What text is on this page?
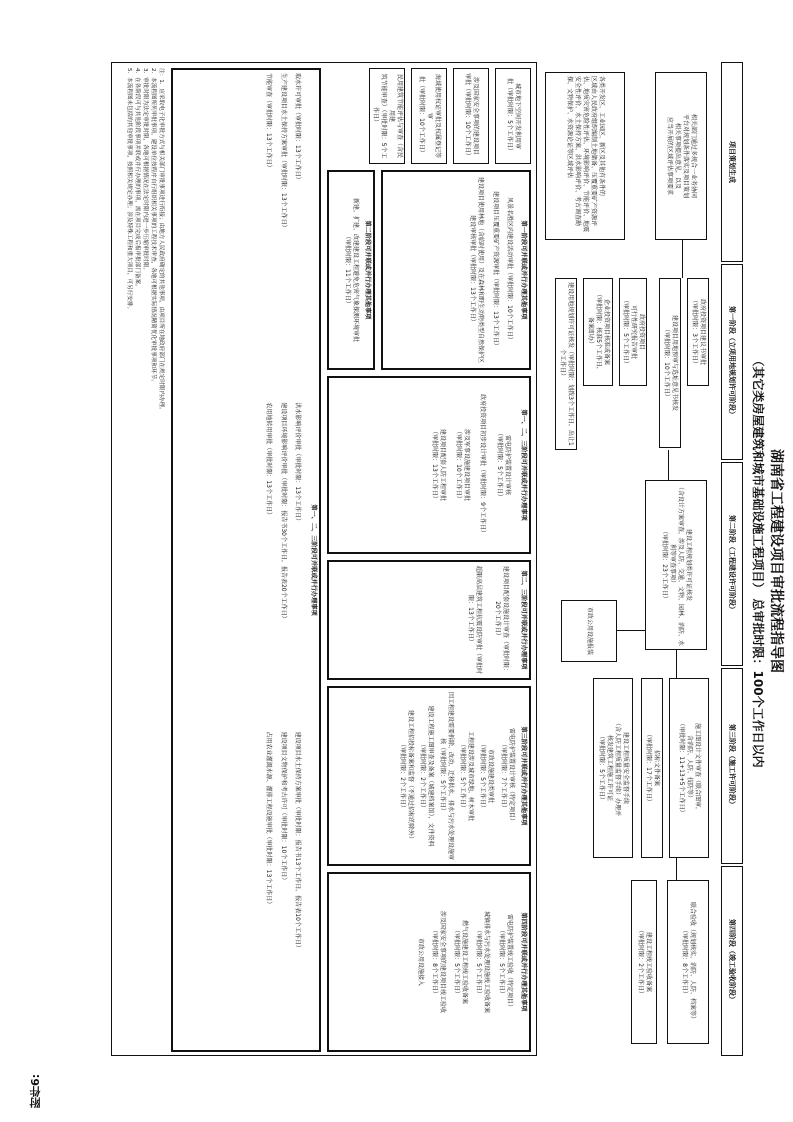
附件6:
湖南省工程建设项目审批流程指导图
（其它类房屋建筑和城市基础设施工程项目） 总审批时限：100个工作日以内
项目策划生成
第一阶段（立项用地规划许可阶段）
第二阶段（工程建设许可阶段）
第三阶段（施工许可阶段）
第四阶段（竣工验收阶段）
相关部门通过多规合一业务协同
平台对规划条件落实及项目策划
相关事项提出意见，以及
应当开展的区域评估事项要求
各类开发区、工业园区、新区及其他有条件的
区域由人民政府组织编制土地储备、压覆重要矿产资源评估、地质灾害危险性评估、环境影响评价、节能评价、地震安全性评价、水土保持方案、洪水影响评价、考古调查勘探、文物保护、水资源论证等区域评估
政府投资项目建议书审批
（审批时限：3个工作日）
建设项目用地预审与选址意见书核发
（审批时限：10个工作日）
政府投资项目
可行性研究报告审批
（审批时限：5个工作日）
企业投资项目核准或备案
（审批时限：核准5个工作日，
备案即办）
建设用地规划许可证核发（审批时限：划拨3个工作日，出让1个工作日）
建设工程规划类许可证核发
（含设计方案审查，涉及人防、交通、文物、园林、消防、水利等审查事项）
（审批时限：23个工作日）
市政公用设施报装
施工图设计文件审查（联合图审，
含消防、人防、技防等）
（审批时限：11+13+5个工作日）
招标文件备案
（审批时限：17个工作日）
建设工程质量安全监督手续
（含人防工程质量监督手续）办理并
核发建筑工程施工许可证
（审批时限：5个工作日）
联合验收（规划核实、消防、人防、档案等）
（审批时限：8个工作日）
建设工程竣工验收备案
（审批时限：2个工作日）
城市地下空间开发利用审
批（审批时限：5个工作日）
涉及国家安全事项的建设项目
审批（审批时限：10个工作日）
海域使用权证审批及权属登记等审
批（审批时限：10个工作日）
民用建筑节能评估与审查（含民用建
筑节能审查）（审批时限：5个工作日）
第一阶段可并联或并行办理其他事项
风景名胜区内建设活动审批（审批时限：10个工作日）
建设项目压覆重要矿产资源审批（审批时限：13个工作日）
建设项目使用林地（含临时使用）及在森林和野生动物类型自然保护区建设审核审批（审批时限：13个工作日）
第二阶段可并联或并行办理其他事项
新建、扩建、改建建设工程避免危害气象探测环境审批
（审批时限：11个工作日）
第一、二、三阶段可并联或并行办理事项
雷电防护装置设计审核
（审批时限：5个工作日）
政府投资项目初步设计审批（审批时限：9个工作日）
涉及军事设施建设项目审批
（审批时限：10个工作日）
建设项目配套人防工程审批
（审批时限：13个工作日）
第二、三阶段可并联或并行办理事项
建设项目配套设施设计审查（审批时限：20个工作日）
超限高层建筑工程抗震设防审批（审批时限：13个工作日）
第三阶段可并联或并行办理其他事项
雷电防护装置设计审核（特定项目）
（审批时限：7个工作日）
市政设施建设类审批
（审批时限：5个工作日）
工程建设涉及城市绿地、树木审批
（审批时限：5个工作日）
因工程建设需要拆除、改动、迁移供水、排水与污水处理设施审核（审批时限：5个工作日）
建设工程施工图审查及备案（城建档案馆），文件资料
（审批时限：2个工作日）
建设工程招投标备案和监督（不通过招标的除外）
（审批时限：2个工作日）
第四阶段可并联或并行办理其他事项
雷电防护装置竣工验收（特定项目）
（审批时限：5个工作日）
城镇排水与污水处理设施竣工验收备案
（审批时限：5个工作日）
燃气设施建设工程竣工验收备案
（审批时限：5个工作日）
涉及国家安全事项的建设项目竣工验收
（审批时限：8个工作日）
市政公用设施接入
第一、二、三阶段可并联或并行办理事项
取水许可审批（审批时限：13个工作日）
洪水影响评价审批（审批时限：13个工作日）
建设项目水土保持方案审批（审批时限：报告书13个工作日，报告表10个工作日）
生产建设项目水土保持方案审批（审批时限：13个工作日）
建设项目环境影响评价审批（审批时限：报告书30个工作日，报告表20个工作日）
建设项目文物保护和考古许可（审批时限：10个工作日）
节能审查（审批时限：13个工作日）
农用地转用审批（审批时限：13个工作日）
占用农业灌溉水源、灌排工程设施审批（审批时限：13个工作日）
注：1．应采取电子化审批方式与相关部门审批事项进行衔接；由地方人民政府确定的其他事项，由项目所在地政府部门在规定时限内办理。
2．本流程图所列审批事项，建设单位按程序自行组织相关事项的工程技术审查，各地可根据实际情况精简优化审批事项和环节。
3．审批时限为法定审批时限，各地可根据情况在法定时限内进一步压缩审批时限。
4．在各阶段可与其他阶段事项并联或并行办理的事项，需在项目完成后报审批部门备案。
5．本流程图未包括的其他审批事项，按照相关规定办理；涉及特殊工程和重大项目，可另行安排。
